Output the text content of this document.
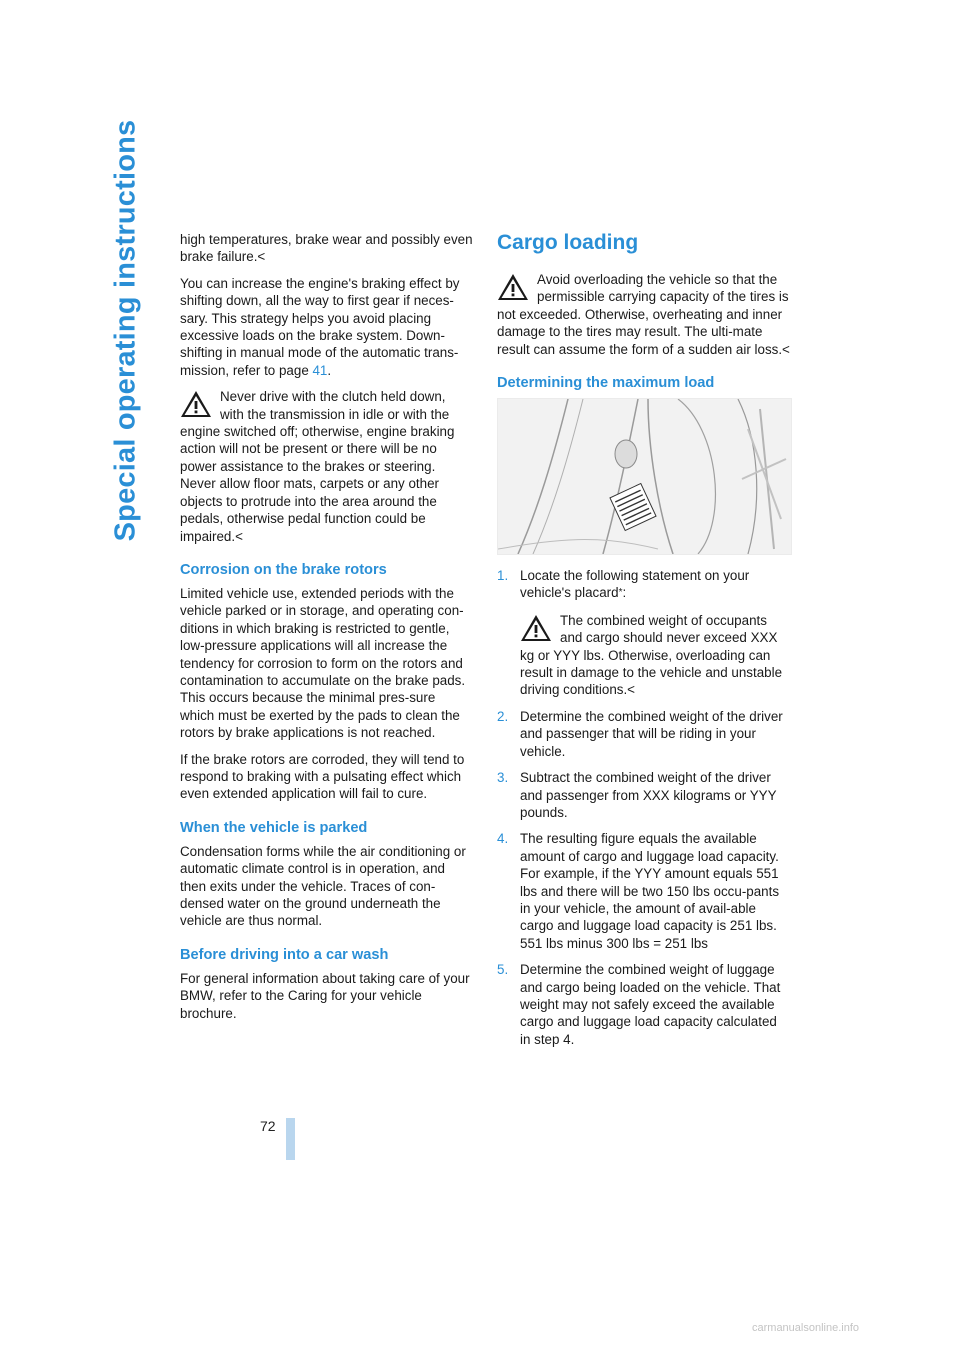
Special operating instructions
72

high temperatures, brake wear and possibly even brake failure.<

You can increase the engine's braking effect by shifting down, all the way to first gear if neces-sary. This strategy helps you avoid placing excessive loads on the brake system. Down-shifting in manual mode of the automatic trans-mission, refer to page 41.

Never drive with the clutch held down, with the transmission in idle or with the engine switched off; otherwise, engine braking action will not be present or there will be no power assistance to the brakes or steering. Never allow floor mats, carpets or any other objects to protrude into the area around the pedals, otherwise pedal function could be impaired.<
Corrosion on the brake rotors

Limited vehicle use, extended periods with the vehicle parked or in storage, and operating con-ditions in which braking is restricted to gentle, low-pressure applications will all increase the tendency for corrosion to form on the rotors and contamination to accumulate on the brake pads. This occurs because the minimal pres-sure which must be exerted by the pads to clean the rotors by brake applications is not reached.

If the brake rotors are corroded, they will tend to respond to braking with a pulsating effect which even extended application will fail to cure.

When the vehicle is parked

Condensation forms while the air conditioning or automatic climate control is in operation, and then exits under the vehicle. Traces of con-densed water on the ground underneath the vehicle are thus normal.

Before driving into a car wash

For general information about taking care of your BMW, refer to the Caring for your vehicle brochure.

Cargo loading
Avoid overloading the vehicle so that the permissible carrying capacity of the tires is not exceeded. Otherwise, overheating and inner damage to the tires may result. The ulti-mate result can assume the form of a sudden air loss.<
Determining the maximum load
1. Locate the following statement on your vehicle's placard*:
The combined weight of occupants and cargo should never exceed XXX kg or YYY lbs. Otherwise, overloading can result in damage to the vehicle and unstable driving conditions.<
2. Determine the combined weight of the driver and passenger that will be riding in your vehicle.
3. Subtract the combined weight of the driver and passenger from XXX kilograms or YYY pounds.
4. The resulting figure equals the available amount of cargo and luggage load capacity. For example, if the YYY amount equals 551 lbs and there will be two 150 lbs occu-pants in your vehicle, the amount of avail-able cargo and luggage load capacity is 251 lbs.
551 lbs minus 300 lbs = 251 lbs
5. Determine the combined weight of luggage and cargo being loaded on the vehicle. That weight may not safely exceed the available cargo and luggage load capacity calculated in step 4.
carmanualsonline.info
